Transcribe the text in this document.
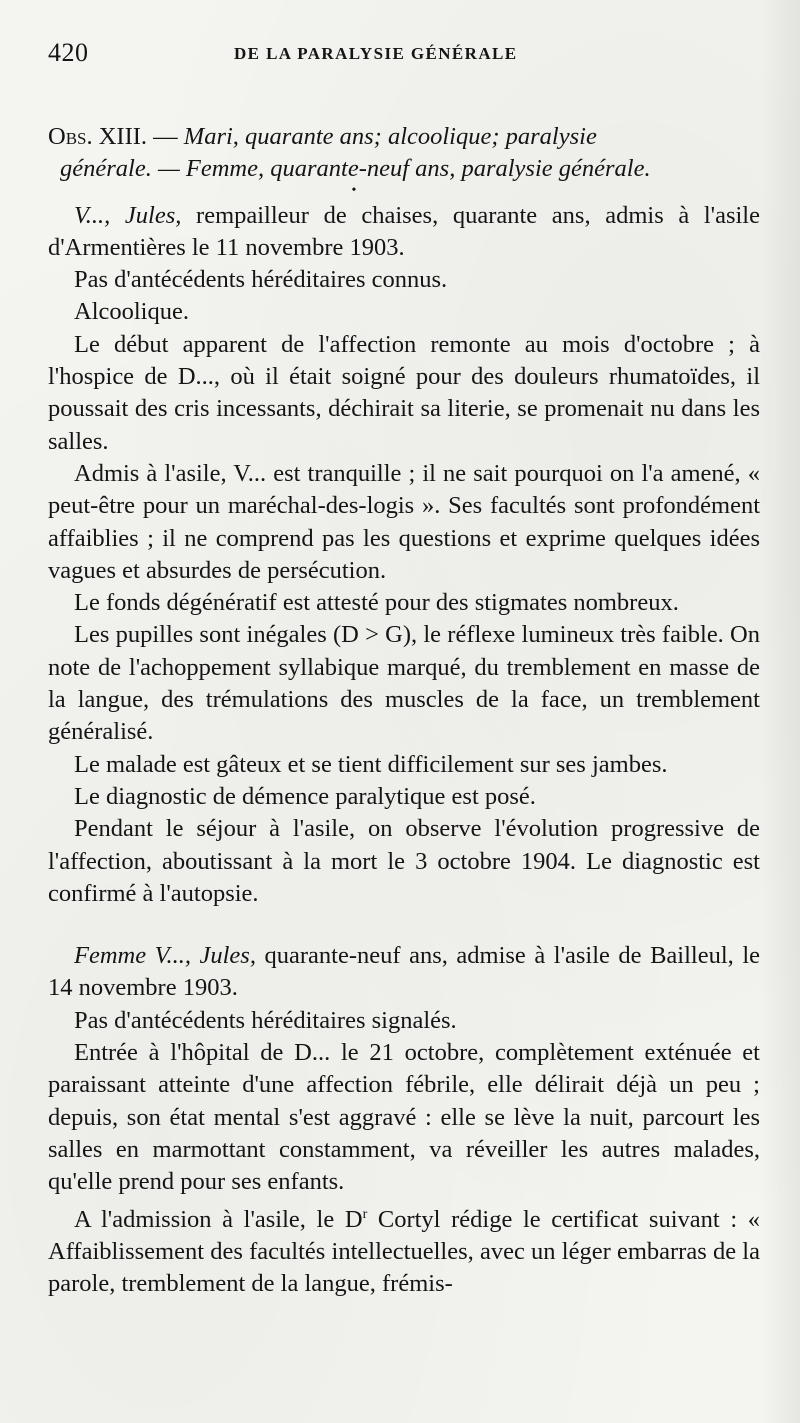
420	DE LA PARALYSIE GÉNÉRALE

Obs. XIII. — Mari, quarante ans; alcoolique; paralysie
générale. — Femme, quarante-neuf ans, paralysie générale.

•

V..., Jules, rempailleur de chaises, quarante ans, admis à l'asile d'Armentières le 11 novembre 1903.

Pas d'antécédents héréditaires connus.

Alcoolique.

Le début apparent de l'affection remonte au mois d'octobre ; à l'hospice de D..., où il était soigné pour des douleurs rhumatoïdes, il poussait des cris incessants, déchirait sa literie, se promenait nu dans les salles.

Admis à l'asile, V... est tranquille ; il ne sait pourquoi on l'a amené, « peut-être pour un maréchal-des-logis ». Ses facultés sont profondément affaiblies ; il ne comprend pas les questions et exprime quelques idées vagues et absurdes de persécution.

Le fonds dégénératif est attesté pour des stigmates nombreux.

Les pupilles sont inégales (D > G), le réflexe lumineux très faible. On note de l'achoppement syllabique marqué, du tremblement en masse de la langue, des trémulations des muscles de la face, un tremblement généralisé.

Le malade est gâteux et se tient difficilement sur ses jambes.

Le diagnostic de démence paralytique est posé.

Pendant le séjour à l'asile, on observe l'évolution progressive de l'affection, aboutissant à la mort le 3 octobre 1904. Le diagnostic est confirmé à l'autopsie.

Femme V..., Jules, quarante-neuf ans, admise à l'asile de Bailleul, le 14 novembre 1903.

Pas d'antécédents héréditaires signalés.

Entrée à l'hôpital de D... le 21 octobre, complètement exténuée et paraissant atteinte d'une affection fébrile, elle délirait déjà un peu ; depuis, son état mental s'est aggravé : elle se lève la nuit, parcourt les salles en marmottant constamment, va réveiller les autres malades, qu'elle prend pour ses enfants.

A l'admission à l'asile, le $D^r$ Cortyl rédige le certificat suivant : « Affaiblissement des facultés intellectuelles, avec un léger embarras de la parole, tremblement de la langue, frémis-
